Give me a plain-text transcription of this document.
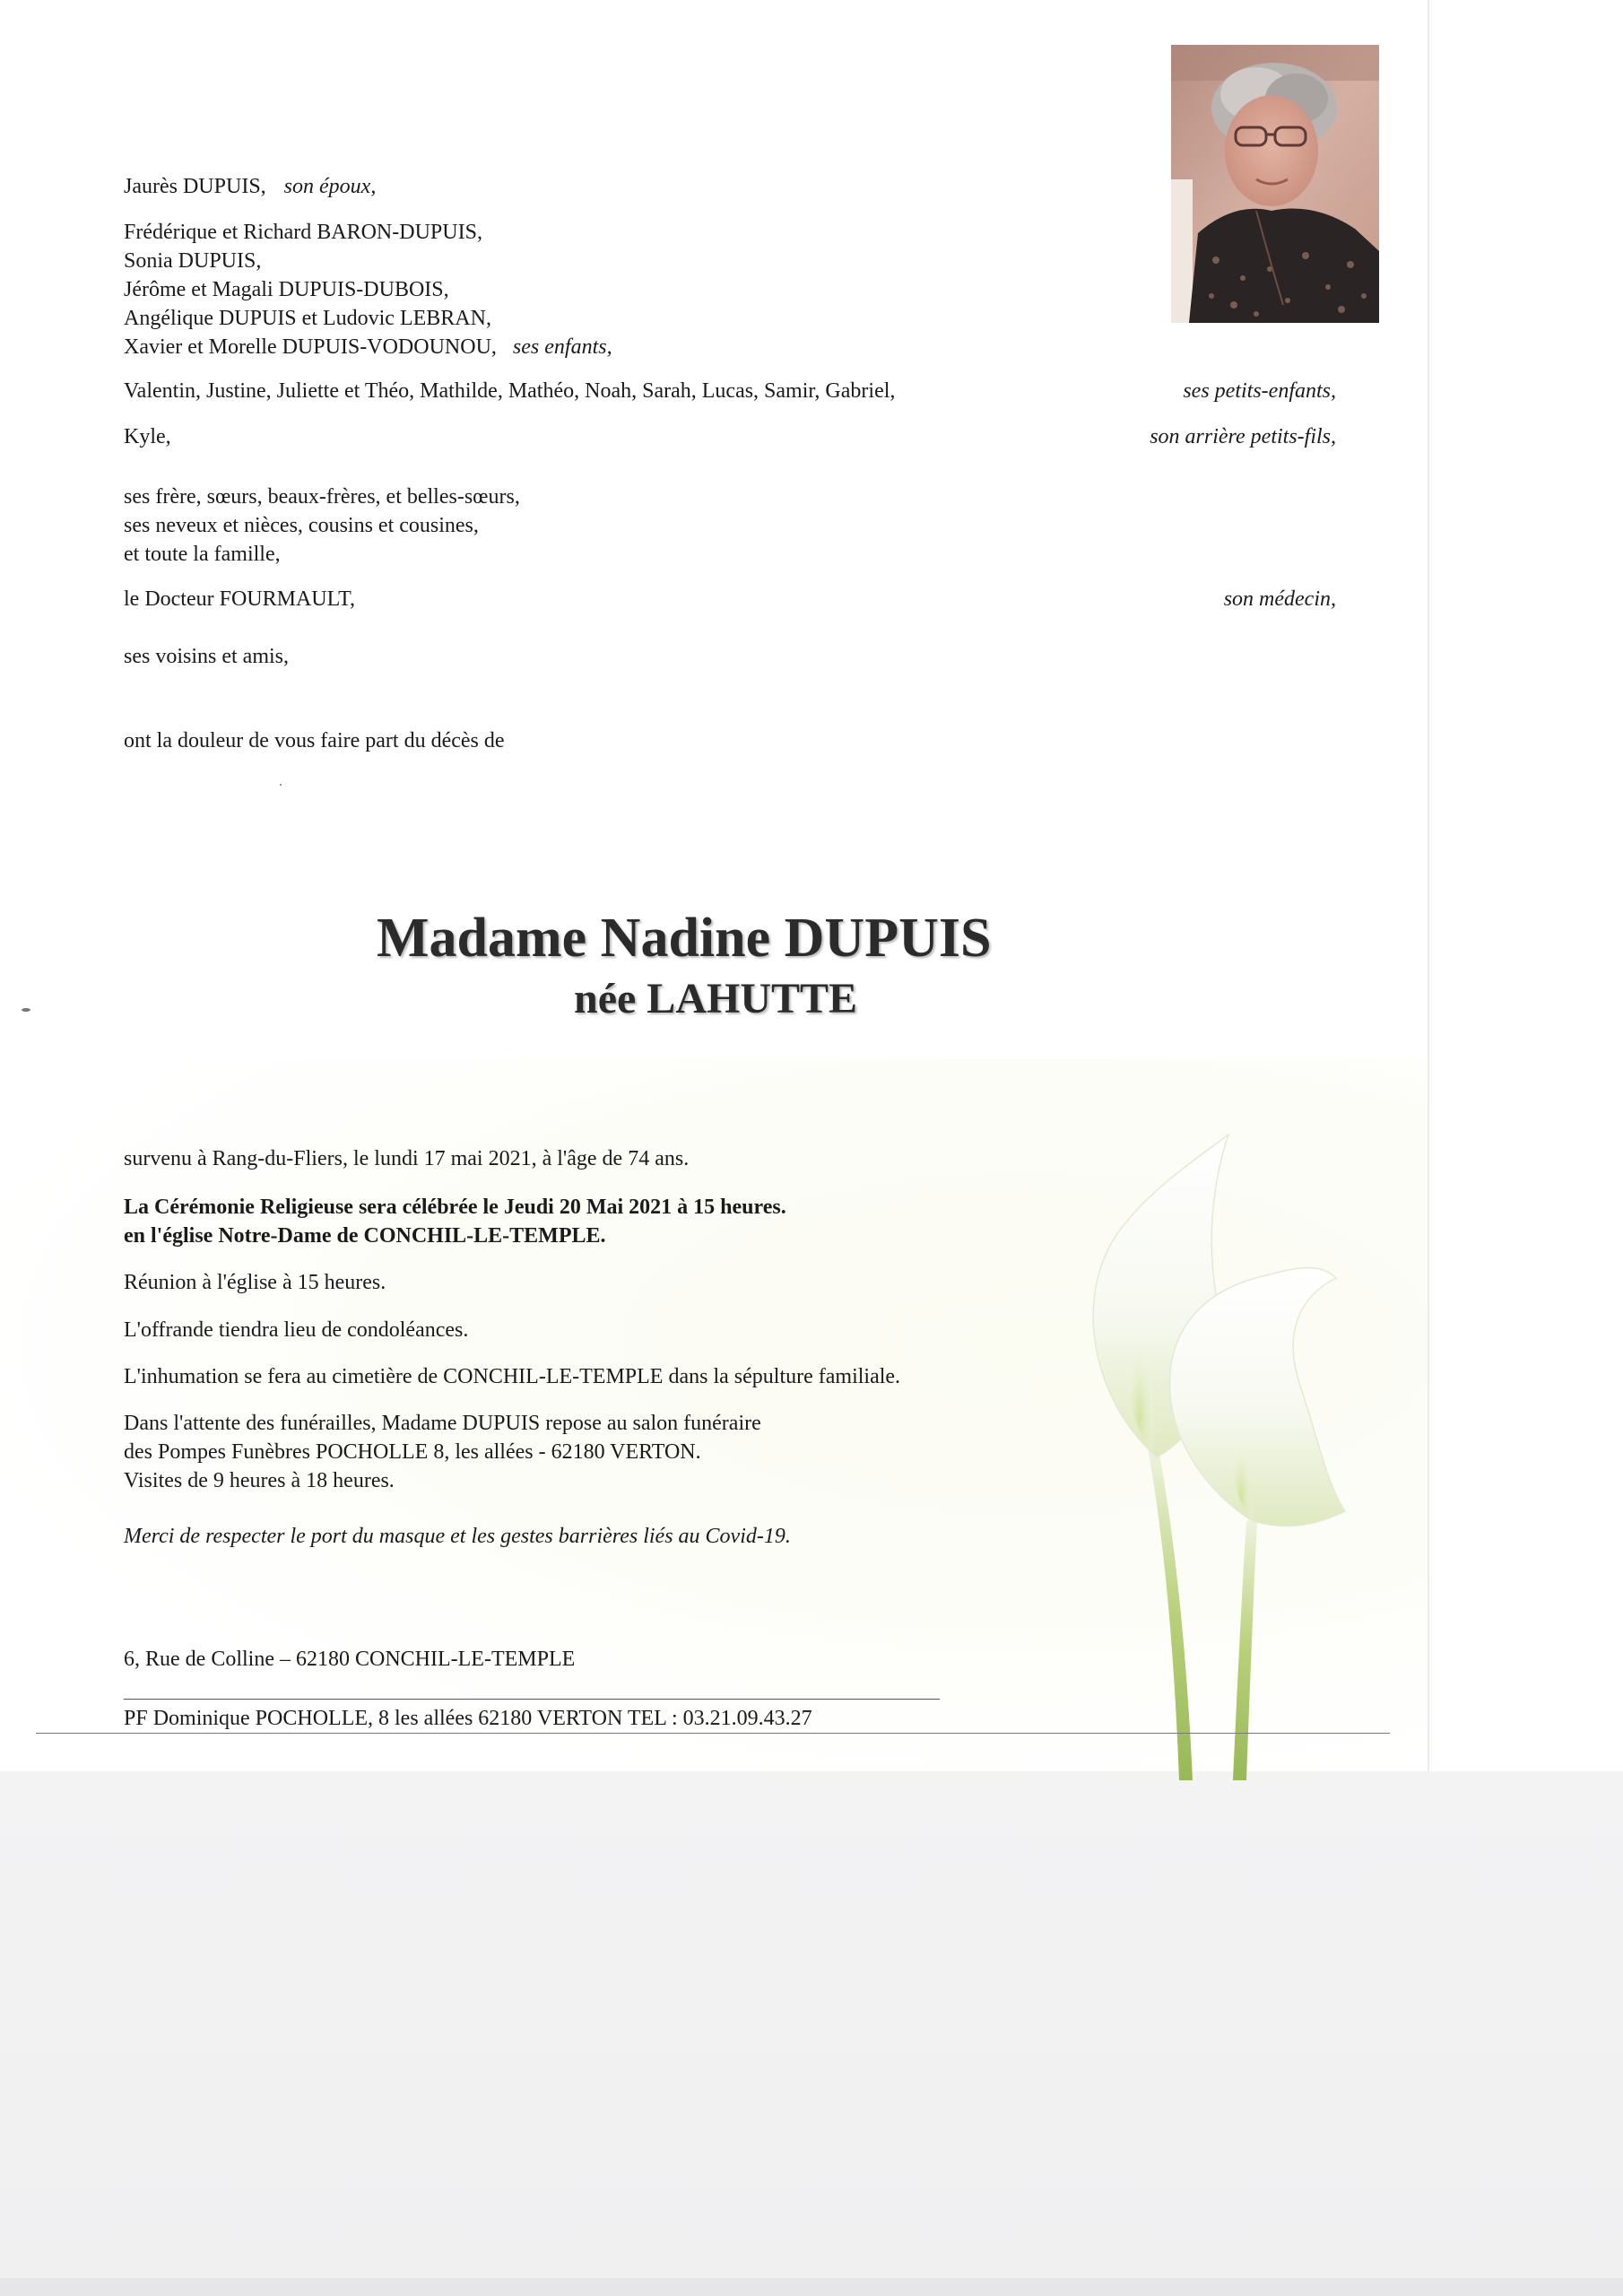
Jaurès DUPUIS, son époux,
Frédérique et Richard BARON-DUPUIS,
Sonia DUPUIS,
Jérôme et Magali DUPUIS-DUBOIS,
Angélique DUPUIS et Ludovic LEBRAN,
Xavier et Morelle DUPUIS-VODOUNOU, ses enfants,
Valentin, Justine, Juliette et Théo, Mathilde, Mathéo, Noah, Sarah, Lucas, Samir, Gabriel,	ses petits-enfants,
Kyle,	son arrière petits-fils,
ses frère, sœurs, beaux-frères, et belles-sœurs,
ses neveux et nièces, cousins et cousines,
et toute la famille,
le Docteur FOURMAULT,	son médecin,
ses voisins et amis,
ont la douleur de vous faire part du décès de
Madame Nadine DUPUIS
née LAHUTTE
survenu à Rang-du-Fliers, le lundi 17 mai 2021, à l'âge de 74 ans.
La Cérémonie Religieuse sera célébrée le Jeudi 20 Mai 2021 à 15 heures.
en l'église Notre-Dame de CONCHIL-LE-TEMPLE.
Réunion à l'église à 15 heures.
L'offrande tiendra lieu de condoléances.
L'inhumation se fera au cimetière de CONCHIL-LE-TEMPLE dans la sépulture familiale.
Dans l'attente des funérailles, Madame DUPUIS repose au salon funéraire
des Pompes Funèbres POCHOLLE 8, les allées - 62180 VERTON.
Visites de 9 heures à 18 heures.
Merci de respecter le port du masque et les gestes barrières liés au Covid-19.
6, Rue de Colline – 62180 CONCHIL-LE-TEMPLE
PF Dominique POCHOLLE, 8 les allées 62180 VERTON TEL : 03.21.09.43.27
